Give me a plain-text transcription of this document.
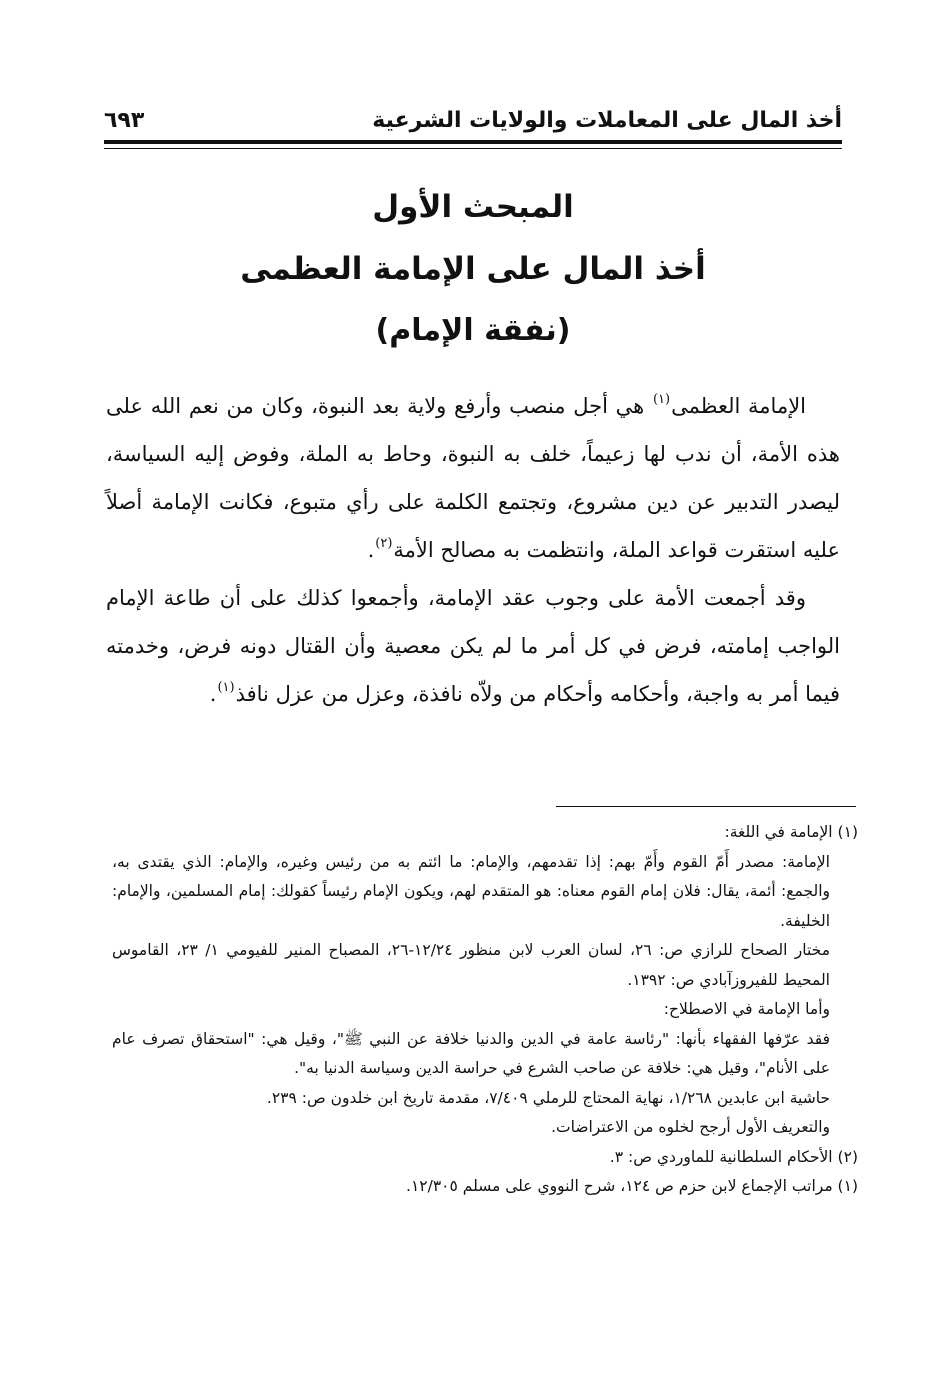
أخذ المال على المعاملات والولايات الشرعية
٦٩٣
المبحث الأول
أخذ المال على الإمامة العظمى
(نفقة الإمام)

الإمامة العظمى$^{(١)}$ هي أجل منصب وأرفع ولاية بعد النبوة، وكان من نعم الله على هذه الأمة، أن ندب لها زعيماً، خلف به النبوة، وحاط به الملة، وفوض إليه السياسة، ليصدر التدبير عن دين مشروع، وتجتمع الكلمة على رأي متبوع، فكانت الإمامة أصلاً عليه استقرت قواعد الملة، وانتظمت به مصالح الأمة$^{(٢)}$.

وقد أجمعت الأمة على وجوب عقد الإمامة، وأجمعوا كذلك على أن طاعة الإمام الواجب إمامته، فرض في كل أمر ما لم يكن معصية وأن القتال دونه فرض، وخدمته فيما أمر به واجبة، وأحكامه وأحكام من ولاّه نافذة، وعزل من عزل نافذ$^{(١)}$.

(١) الإمامة في اللغة:

الإمامة: مصدر أَمّ القوم وأَمّ بهم: إذا تقدمهم، والإمام: ما ائتم به من رئيس وغيره، والإمام: الذي يقتدى به، والجمع: أئمة، يقال: فلان إمام القوم معناه: هو المتقدم لهم، ويكون الإمام رئيساً كقولك: إمام المسلمين، والإمام: الخليفة.

مختار الصحاح للرازي ص: ٢٦، لسان العرب لابن منظور ١٢/٢٤-٢٦، المصباح المنير للفيومي ١/ ٢٣، القاموس المحيط للفيروزآبادي ص: ١٣٩٢.

وأما الإمامة في الاصطلاح:

فقد عرّفها الفقهاء بأنها: "رئاسة عامة في الدين والدنيا خلافة عن النبي ﷺ"، وقيل هي: "استحقاق تصرف عام على الأنام"، وقيل هي: خلافة عن صاحب الشرع في حراسة الدين وسياسة الدنيا به".

حاشية ابن عابدين ١/٢٦٨، نهاية المحتاج للرملي ٧/٤٠٩، مقدمة تاريخ ابن خلدون ص: ٢٣٩.

والتعريف الأول أرجح لخلوه من الاعتراضات.

(٢) الأحكام السلطانية للماوردي ص: ٣.

(١) مراتب الإجماع لابن حزم ص ١٢٤، شرح النووي على مسلم ١٢/٣٠٥.
